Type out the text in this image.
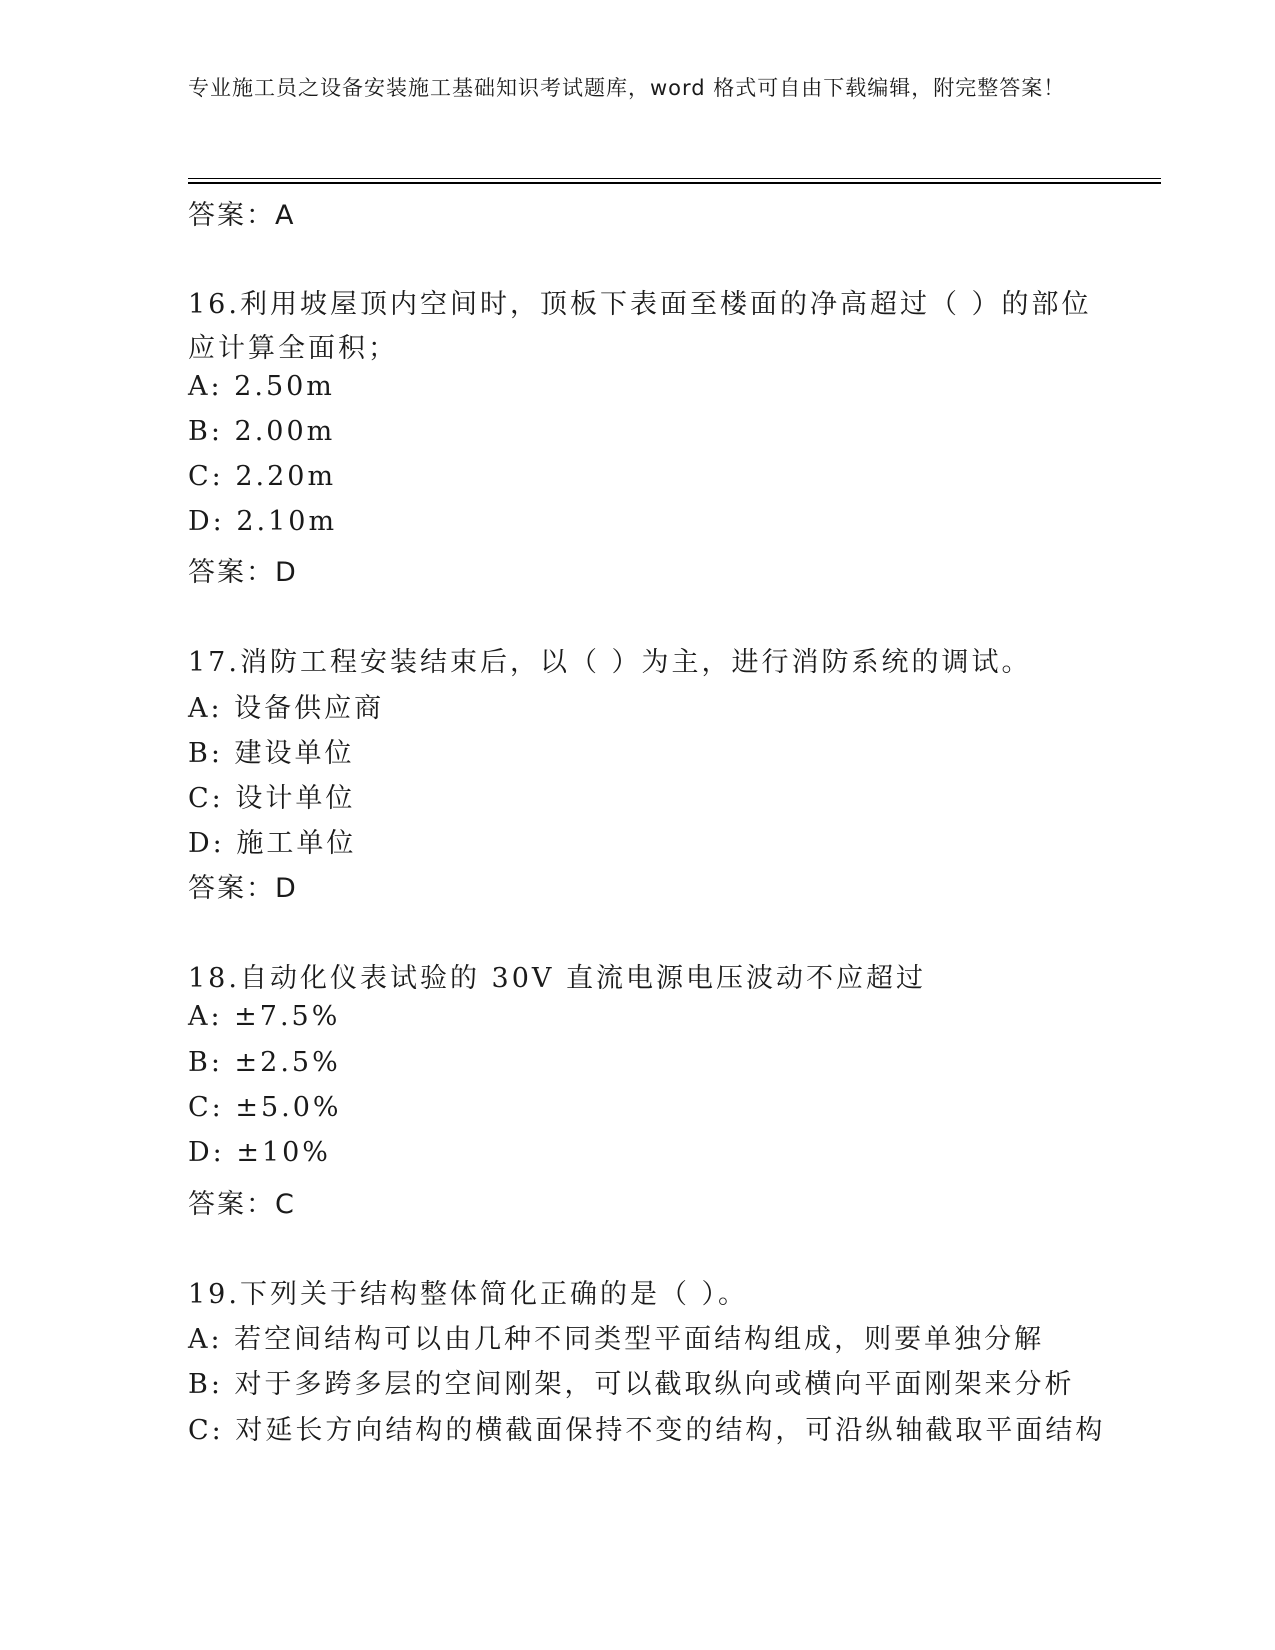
专业施工员之设备安装施工基础知识考试题库，word 格式可自由下载编辑，附完整答案！
答案：A
16.利用坡屋顶内空间时，顶板下表面至楼面的净高超过（ ）的部位
应计算全面积；
A: 2.50m
B: 2.00m
C: 2.20m
D: 2.10m
答案：D
17.消防工程安装结束后，以（ ）为主，进行消防系统的调试。
A: 设备供应商
B: 建设单位
C: 设计单位
D: 施工单位
答案：D
18.自动化仪表试验的 30V 直流电源电压波动不应超过
A: ±7.5%
B: ±2.5%
C: ±5.0%
D: ±10%
答案：C
19.下列关于结构整体简化正确的是（ ）。
A: 若空间结构可以由几种不同类型平面结构组成，则要单独分解
B: 对于多跨多层的空间刚架，可以截取纵向或横向平面刚架来分析
C: 对延长方向结构的横截面保持不变的结构，可沿纵轴截取平面结构
